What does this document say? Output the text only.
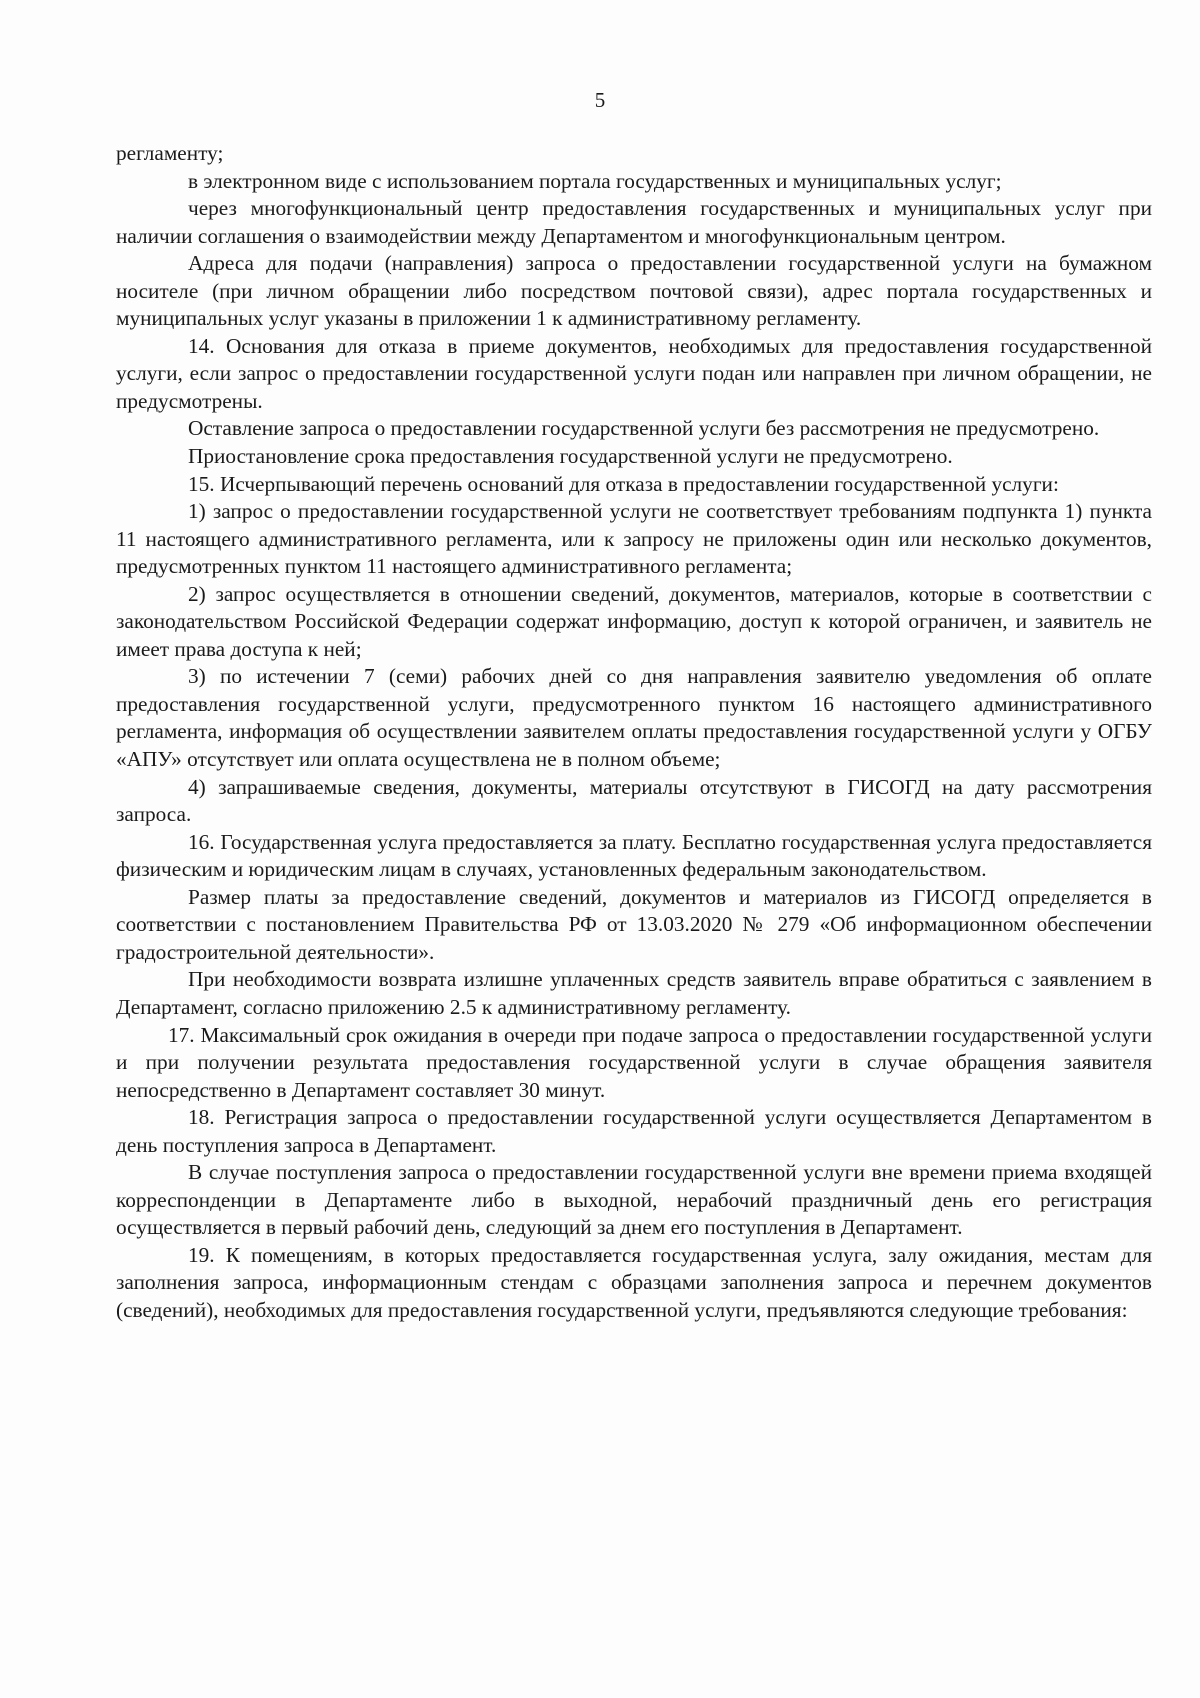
5

регламенту;

в электронном виде с использованием портала государственных и муниципальных услуг;

через многофункциональный центр предоставления государственных и муниципальных услуг при наличии соглашения о взаимодействии между Департаментом и многофункциональным центром.

Адреса для подачи (направления) запроса о предоставлении государственной услуги на бумажном носителе (при личном обращении либо посредством почтовой связи), адрес портала государственных и муниципальных услуг указаны в приложении 1 к административному регламенту.

14. Основания для отказа в приеме документов, необходимых для предоставления государственной услуги, если запрос о предоставлении государственной услуги подан или направлен при личном обращении, не предусмотрены.

Оставление запроса о предоставлении государственной услуги без рассмотрения не предусмотрено.

Приостановление срока предоставления государственной услуги не предусмотрено.

15. Исчерпывающий перечень оснований для отказа в предоставлении государственной услуги:

1) запрос о предоставлении государственной услуги не соответствует требованиям подпункта 1) пункта 11 настоящего административного регламента, или к запросу не приложены один или несколько документов, предусмотренных пунктом 11 настоящего административного регламента;

2) запрос осуществляется в отношении сведений, документов, материалов, которые в соответствии с законодательством Российской Федерации содержат информацию, доступ к которой ограничен, и заявитель не имеет права доступа к ней;

3) по истечении 7 (семи) рабочих дней со дня направления заявителю уведомления об оплате предоставления государственной услуги, предусмотренного пунктом 16 настоящего административного регламента, информация об осуществлении заявителем оплаты предоставления государственной услуги у ОГБУ «АПУ» отсутствует или оплата осуществлена не в полном объеме;

4) запрашиваемые сведения, документы, материалы отсутствуют в ГИСОГД на дату рассмотрения запроса.

16. Государственная услуга предоставляется за плату. Бесплатно государственная услуга предоставляется физическим и юридическим лицам в случаях, установленных федеральным законодательством.

Размер платы за предоставление сведений, документов и материалов из ГИСОГД определяется в соответствии с постановлением Правительства РФ от 13.03.2020 № 279 «Об информационном обеспечении градостроительной деятельности».

При необходимости возврата излишне уплаченных средств заявитель вправе обратиться с заявлением в Департамент, согласно приложению 2.5 к административному регламенту.

17. Максимальный срок ожидания в очереди при подаче запроса о предоставлении государственной услуги и при получении результата предоставления государственной услуги в случае обращения заявителя непосредственно в Департамент составляет 30 минут.

18. Регистрация запроса о предоставлении государственной услуги осуществляется Департаментом в день поступления запроса в Департамент.

В случае поступления запроса о предоставлении государственной услуги вне времени приема входящей корреспонденции в Департаменте либо в выходной, нерабочий праздничный день его регистрация осуществляется в первый рабочий день, следующий за днем его поступления в Департамент.

19. К помещениям, в которых предоставляется государственная услуга, залу ожидания, местам для заполнения запроса, информационным стендам с образцами заполнения запроса и перечнем документов (сведений), необходимых для предоставления государственной услуги, предъявляются следующие требования:
